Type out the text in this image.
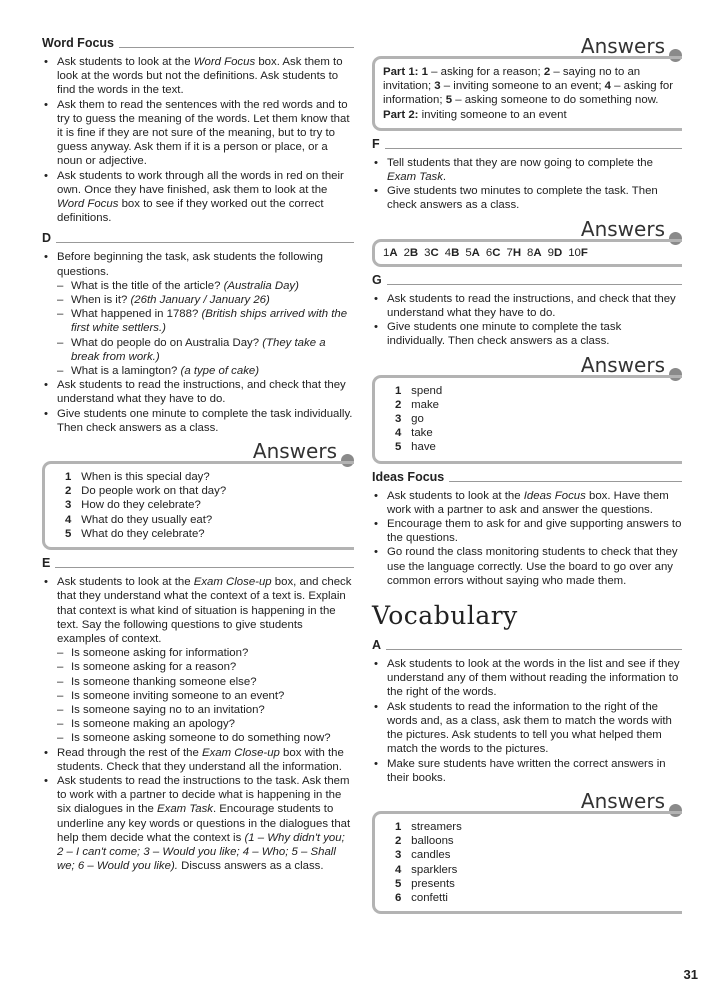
Word Focus
• Ask students to look at the Word Focus box. Ask them to look at the words but not the definitions. Ask students to find the words in the text.
• Ask them to read the sentences with the red words and to try to guess the meaning of the words. Let them know that it is fine if they are not sure of the meaning, but to try to guess anyway. Ask them if it is a person or place, or a noun or adjective.
• Ask students to work through all the words in red on their own. Once they have finished, ask them to look at the Word Focus box to see if they worked out the correct definitions.
D
• Before beginning the task, ask students the following questions.
– What is the title of the article? (Australia Day)
– When is it? (26th January / January 26)
– What happened in 1788? (British ships arrived with the first white settlers.)
– What do people do on Australia Day? (They take a break from work.)
– What is a lamington? (a type of cake)
• Ask students to read the instructions, and check that they understand what they have to do.
• Give students one minute to complete the task individually. Then check answers as a class.
Answers
1 When is this special day?
2 Do people work on that day?
3 How do they celebrate?
4 What do they usually eat?
5 What do they celebrate?
E
• Ask students to look at the Exam Close-up box, and check that they understand what the context of a text is. Explain that context is what kind of situation is happening in the text. Say the following questions to give students examples of context.
– Is someone asking for information?
– Is someone asking for a reason?
– Is someone thanking someone else?
– Is someone inviting someone to an event?
– Is someone saying no to an invitation?
– Is someone making an apology?
– Is someone asking someone to do something now?
• Read through the rest of the Exam Close-up box with the students. Check that they understand all the information.
• Ask students to read the instructions to the task. Ask them to work with a partner to decide what is happening in the six dialogues in the Exam Task. Encourage students to underline any key words or questions in the dialogues that help them decide what the context is (1 – Why didn't you; 2 – I can't come; 3 – Would you like; 4 – Who; 5 – Shall we; 6 – Would you like). Discuss answers as a class.
Answers

Part 1: 1 – asking for a reason; 2 – saying no to an invitation; 3 – inviting someone to an event; 4 – asking for information; 5 – asking someone to do something now.

Part 2: inviting someone to an event

F
• Tell students that they are now going to complete the Exam Task.
• Give students two minutes to complete the task. Then check answers as a class.
Answers

1A 2B 3C 4B 5A 6C 7H 8A 9D 10F

G
• Ask students to read the instructions, and check that they understand what they have to do.
• Give students one minute to complete the task individually. Then check answers as a class.
Answers
1 spend
2 make
3 go
4 take
5 have
Ideas Focus
• Ask students to look at the Ideas Focus box. Have them work with a partner to ask and answer the questions.
• Encourage them to ask for and give supporting answers to the questions.
• Go round the class monitoring students to check that they use the language correctly. Use the board to go over any common errors without saying who made them.
Vocabulary
A
• Ask students to look at the words in the list and see if they understand any of them without reading the information to the right of the words.
• Ask students to read the information to the right of the words and, as a class, ask them to match the words with the pictures. Ask students to tell you what helped them match the words to the pictures.
• Make sure students have written the correct answers in their books.
Answers
1 streamers
2 balloons
3 candles
4 sparklers
5 presents
6 confetti
31
